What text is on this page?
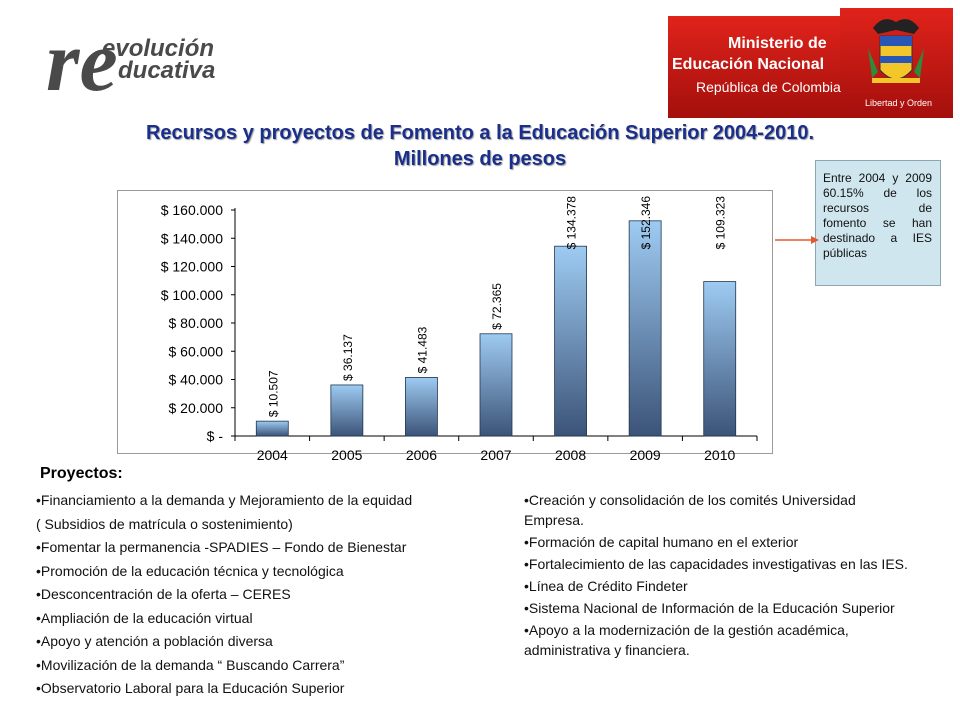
re
evolución
ducativa
Ministerio de
Educación Nacional
República de Colombia
Libertad y Orden
Recursos y proyectos de Fomento a la Educación Superior 2004-2010.
Millones de pesos
Entre 2004 y 2009 60.15% de los recursos de fomento se han destinado a IES públicas
$ -
$ 20.000
$ 40.000
$ 60.000
$ 80.000
$ 100.000
$ 120.000
$ 140.000
$ 160.000
2004
$ 10.507
2005
$ 36.137
2006
$ 41.483
2007
$ 72.365
2008
$ 134.378
2009
$ 152.346
2010
$ 109.323
Proyectos:
•Financiamiento a la demanda y Mejoramiento de la equidad
( Subsidios de matrícula o sostenimiento)
•Fomentar la permanencia -SPADIES – Fondo de Bienestar
•Promoción de la educación técnica y tecnológica
•Desconcentración de la oferta – CERES
•Ampliación de la educación virtual
•Apoyo y atención a población diversa
•Movilización de la demanda “ Buscando Carrera”
•Observatorio Laboral para la Educación Superior
•Creación y consolidación de los comités Universidad Empresa.
•Formación de capital humano en el exterior
•Fortalecimiento de las capacidades investigativas en las IES.
•Línea de Crédito Findeter
•Sistema Nacional de Información de la Educación Superior
•Apoyo a la modernización de la gestión académica, administrativa y financiera.
